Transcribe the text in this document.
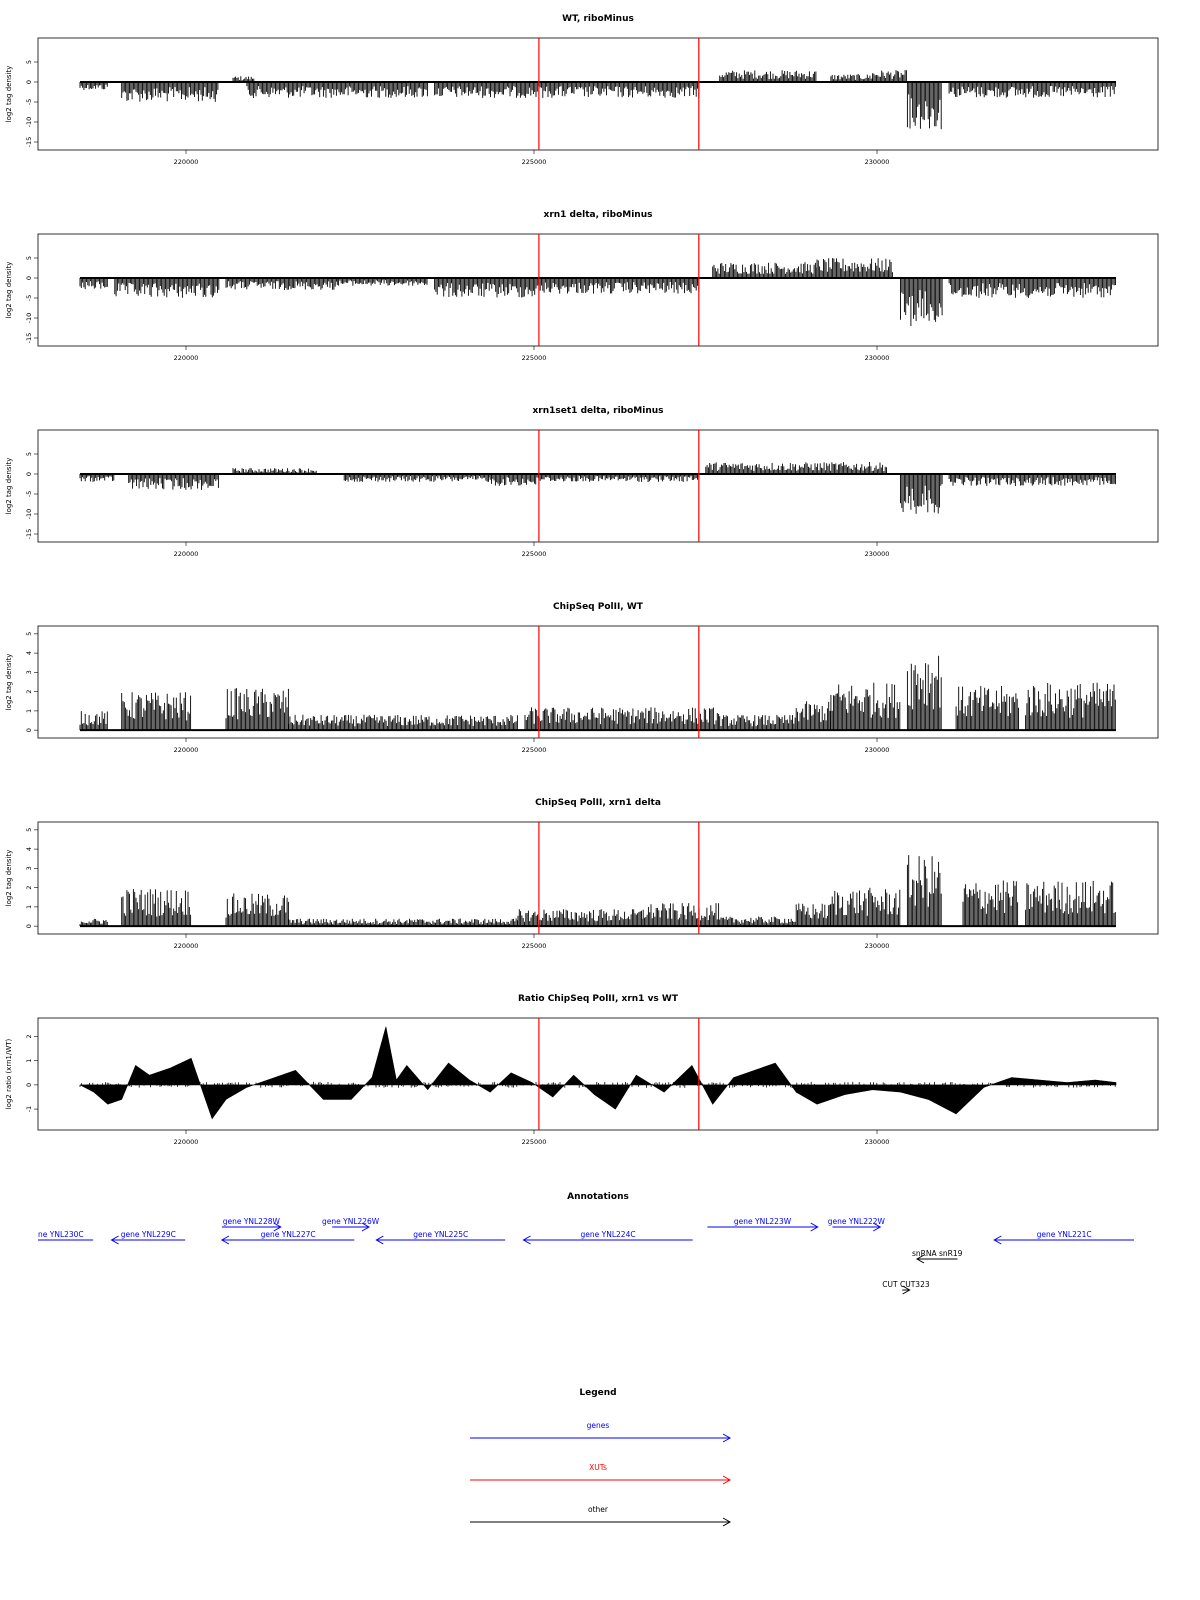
WT, riboMinus
log2 tag density
-15
-10
-5
0
5
220000	225000	230000
xrn1 delta, riboMinus
log2 tag density
-15
-10
-5
0
5
220000	225000	230000
xrn1set1 delta, riboMinus
log2 tag density
-15
-10
-5
0
5
220000	225000	230000
ChipSeq PolII, WT
log2 tag density
0
1
2
3
4
5
220000	225000	230000
ChipSeq PolII, xrn1 delta
log2 tag density
0
1
2
3
4
5
220000	225000	230000
Ratio ChipSeq PolII, xrn1 vs WT
log2 ratio (xrn1/WT) -1
0
1
2
220000	225000	230000
Annotations
ne YNL230C	gene YNL229C
gene YNL228W
gene YNL227C
gene YNL226W
gene YNL225C	gene YNL224C
gene YNL223W	gene YNL222W
snRNA snR19
gene YNL221C
CUT CUT323
Legend
genes
XUTs
other
